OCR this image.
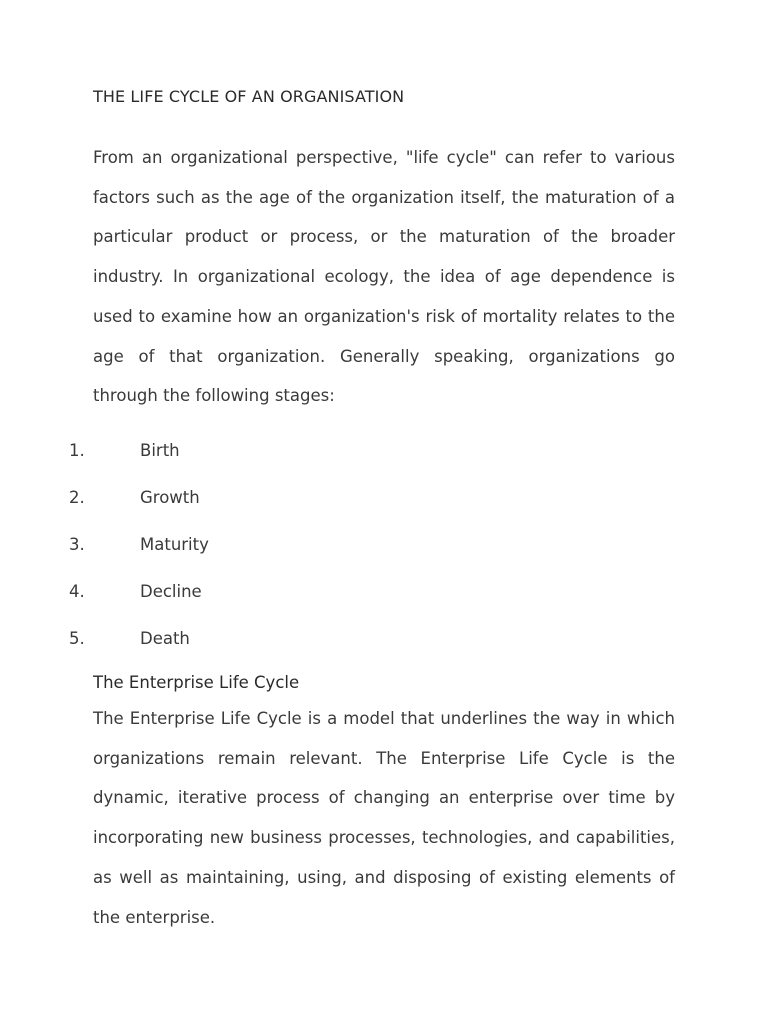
THE LIFE CYCLE OF AN ORGANISATION

From an organizational perspective, "life cycle" can refer to various factors such as the age of the organization itself, the maturation of a particular product or process, or the maturation of the broader industry. In organizational ecology, the idea of age dependence is used to examine how an organization's risk of mortality relates to the age of that organization. Generally speaking, organizations go through the following stages:

1.	Birth
2.	Growth
3.	Maturity
4.	Decline
5.	Death
The Enterprise Life Cycle

The Enterprise Life Cycle is a model that underlines the way in which organizations remain relevant. The Enterprise Life Cycle is the dynamic, iterative process of changing an enterprise over time by incorporating new business processes, technologies, and capabilities, as well as maintaining, using, and disposing of existing elements of the enterprise.
